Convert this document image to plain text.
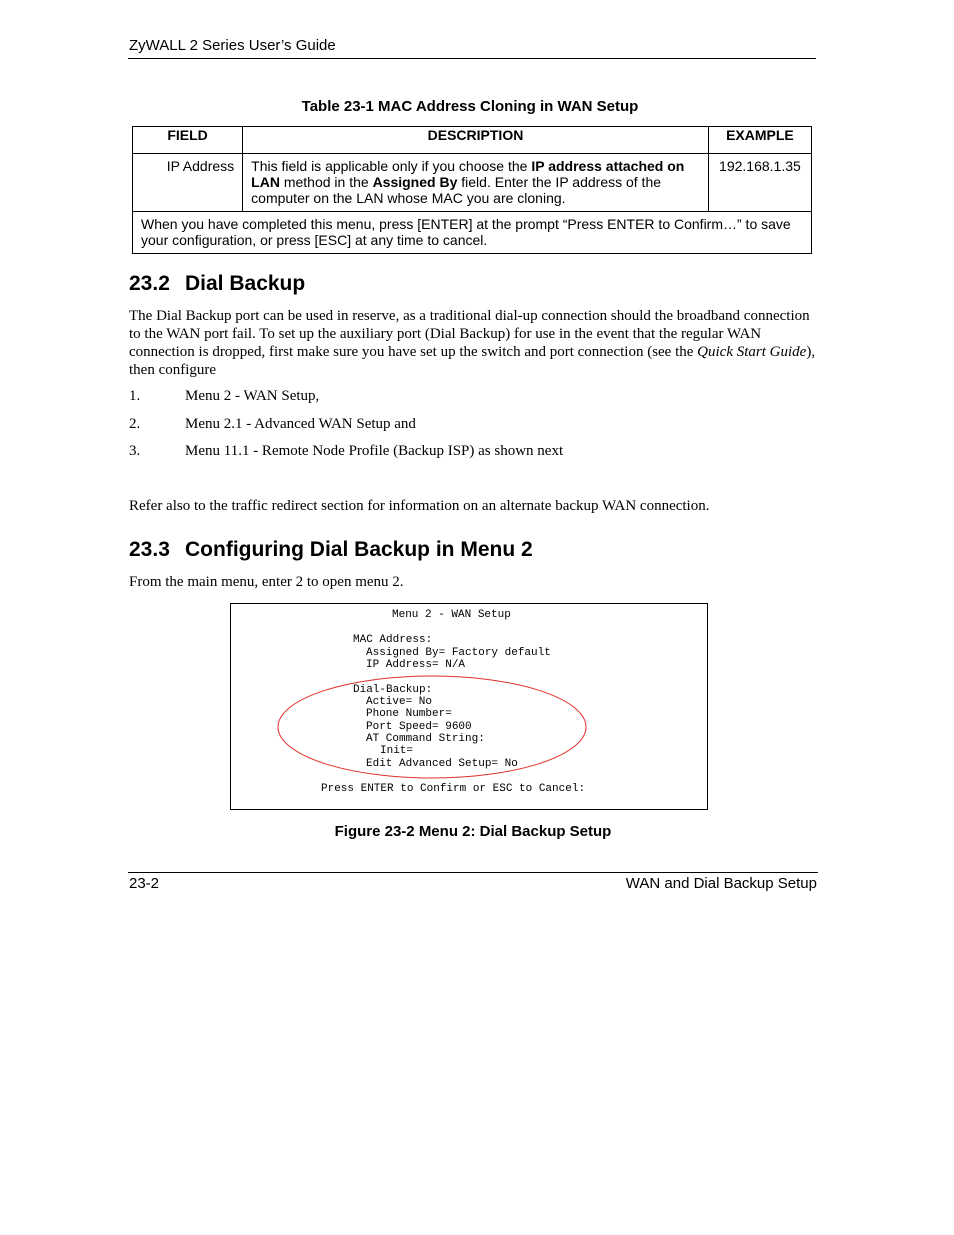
ZyWALL 2 Series User’s Guide
Table 23-1 MAC Address Cloning in WAN Setup
FIELD	DESCRIPTION	EXAMPLE
IP Address	This field is applicable only if you choose the IP address attached on LAN method in the Assigned By field. Enter the IP address of the computer on the LAN whose MAC you are cloning.	192.168.1.35
When you have completed this menu, press [ENTER] at the prompt “Press ENTER to Confirm…” to save your configuration, or press [ESC] at any time to cancel.		
23.2 Dial Backup

The Dial Backup port can be used in reserve, as a traditional dial-up connection should the broadband connection to the WAN port fail. To set up the auxiliary port (Dial Backup) for use in the event that the regular WAN connection is dropped, first make sure you have set up the switch and port connection (see the Quick Start Guide), then configure

1.	Menu 2 - WAN Setup,
2.	Menu 2.1 - Advanced WAN Setup and
3.	Menu 11.1 - Remote Node Profile (Backup ISP) as shown next

Refer also to the traffic redirect section for information on an alternate backup WAN connection.

23.3 Configuring Dial Backup in Menu 2

From the main menu, enter 2 to open menu 2.

Menu 2 - WAN Setup
MAC Address:
Assigned By= Factory default
IP Address= N/A
Dial-Backup:
Active= No
Phone Number=
Port Speed= 9600
AT Command String:
Init=
Edit Advanced Setup= No
Press ENTER to Confirm or ESC to Cancel:
Figure 23-2 Menu 2: Dial Backup Setup
23-2	WAN and Dial Backup Setup
